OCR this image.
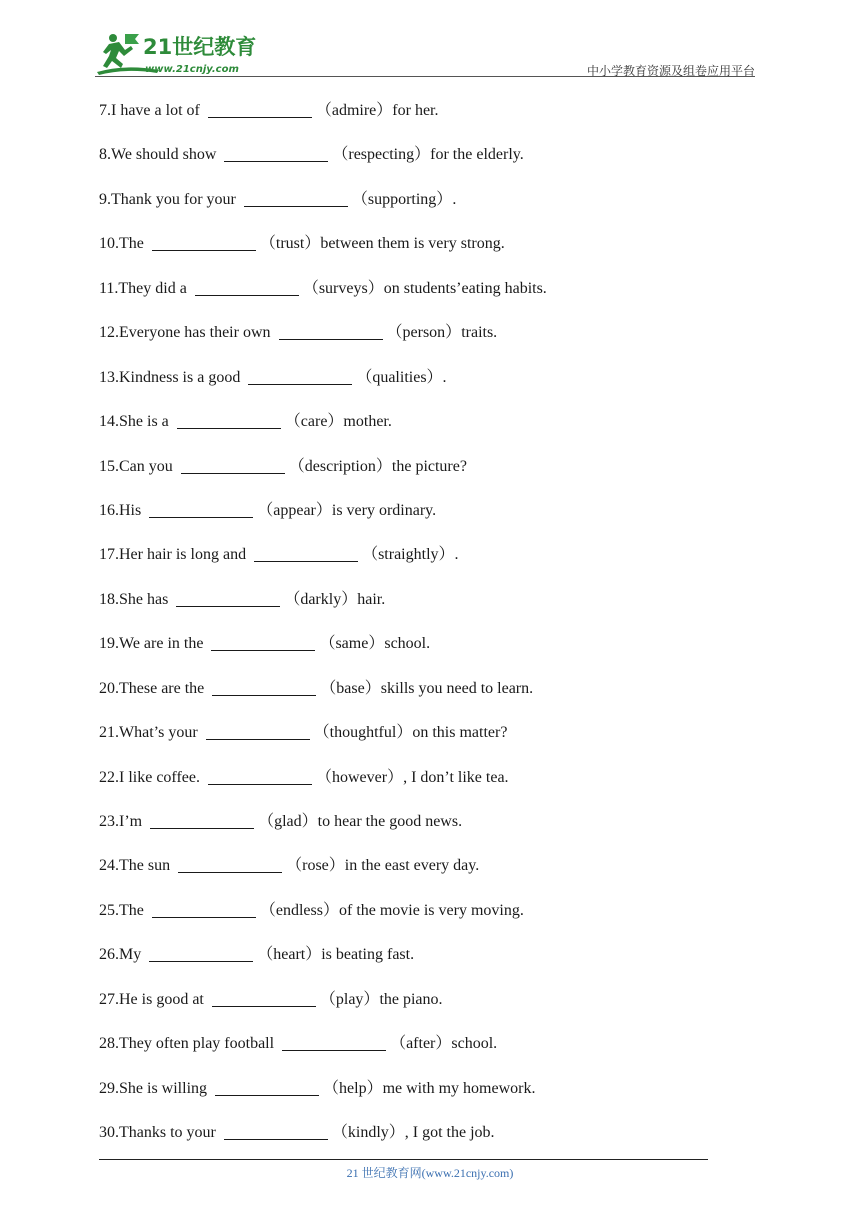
21世纪教育
www.21cnjy.com	中小学教育资源及组卷应用平台
7.I have a lot of	（admire）for her.
8.We should show	（respecting）for the elderly.
9.Thank you for your	（supporting）.
10.The	（trust）between them is very strong.
11.They did a	（surveys）on students’eating habits.
12.Everyone has their own	（person）traits.
13.Kindness is a good	（qualities）.
14.She is a	（care）mother.
15.Can you	（description）the picture?
16.His	（appear）is very ordinary.
17.Her hair is long and	（straightly）.
18.She has	（darkly）hair.
19.We are in the	（same）school.
20.These are the	（base）skills you need to learn.
21.What’s your	（thoughtful）on this matter?
22.I like coffee.	（however）, I don’t like tea.
23.I’m	（glad）to hear the good news.
24.The sun	（rose）in the east every day.
25.The	（endless）of the movie is very moving.
26.My	（heart）is beating fast.
27.He is good at	（play）the piano.
28.They often play football	（after）school.
29.She is willing	（help）me with my homework.
30.Thanks to your	（kindly）, I got the job.
21 世纪教育网(www.21cnjy.com)
